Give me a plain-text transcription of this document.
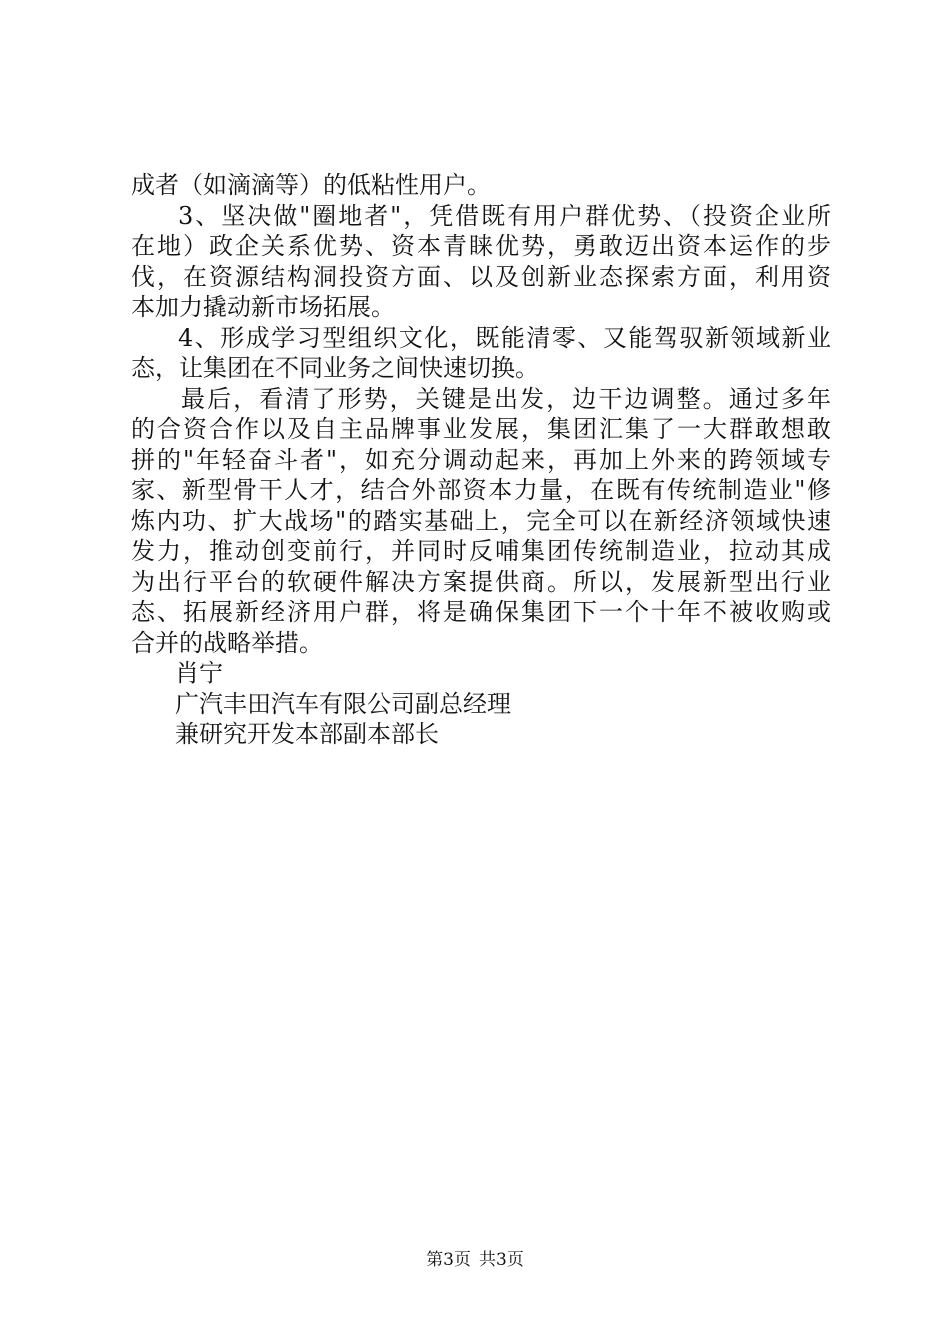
成者（如滴滴等）的低粘性用户。
3、坚决做"圈地者"，凭借既有用户群优势、（投资企业所
在地）政企关系优势、资本青睐优势，勇敢迈出资本运作的步
伐，在资源结构洞投资方面、以及创新业态探索方面，利用资
本加力撬动新市场拓展。
4、形成学习型组织文化，既能清零、又能驾驭新领域新业
态，让集团在不同业务之间快速切换。
最后，看清了形势，关键是出发，边干边调整。通过多年
的合资合作以及自主品牌事业发展，集团汇集了一大群敢想敢
拼的"年轻奋斗者"，如充分调动起来，再加上外来的跨领域专
家、新型骨干人才，结合外部资本力量，在既有传统制造业"修
炼内功、扩大战场"的踏实基础上，完全可以在新经济领域快速
发力，推动创变前行，并同时反哺集团传统制造业，拉动其成
为出行平台的软硬件解决方案提供商。所以，发展新型出行业
态、拓展新经济用户群，将是确保集团下一个十年不被收购或
合并的战略举措。
肖宁
广汽丰田汽车有限公司副总经理
兼研究开发本部副本部长
第3页 共3页
